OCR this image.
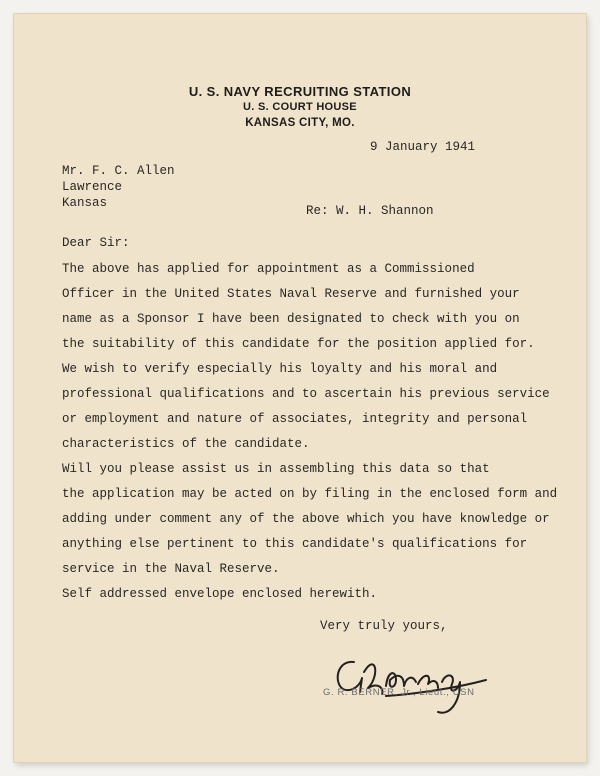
U. S. NAVY RECRUITING STATION
U. S. COURT HOUSE
KANSAS CITY, MO.
9 January 1941
Mr. F. C. Allen
Lawrence
Kansas
Re: W. H. Shannon
Dear Sir:
The above has applied for appointment as a Commissioned
Officer in the United States Naval Reserve and furnished your
name as a Sponsor I have been designated to check with you on
the suitability of this candidate for the position applied for.
We wish to verify especially his loyalty and his moral and
professional qualifications and to ascertain his previous service
or employment and nature of associates, integrity and personal
characteristics of the candidate.
Will you please assist us in assembling this data so that
the application may be acted on by filing in the enclosed form and
adding under comment any of the above which you have knowledge or
anything else pertinent to this candidate's qualifications for
service in the Naval Reserve.
Self addressed envelope enclosed herewith.
Very truly yours,
G. R. BERNER, Jr., Lieut., USN
